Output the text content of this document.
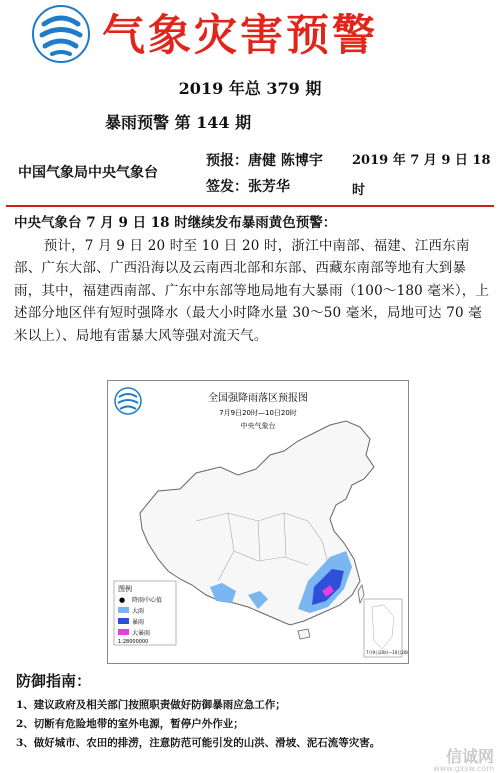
气象灾害预警
2019 年总 379 期
暴雨预警 第 144 期
中国气象局中央气象台
预报：唐健 陈博宇
签发：张芳华
2019 年 7 月 9 日 18 时
中央气象台 7 月 9 日 18 时继续发布暴雨黄色预警：
预计，7 月 9 日 20 时至 10 日 20 时，浙江中南部、福建、江西东南部、广东大部、广西沿海以及云南西北部和东部、西藏东南部等地有大到暴雨，其中，福建西南部、广东中东部等地局地有大暴雨（100～180 毫米），上述部分地区伴有短时强降水（最大小时降水量 30～50 毫米，局地可达 70 毫米以上）、局地有雷暴大风等强对流天气。
全国强降雨落区预报图
7月9日20时—10日20时
中央气象台
图例
● 降雨中心值
大雨
暴雨
大暴雨
1:28000000
7月9日20时—10日20时
防御指南：
1、建议政府及相关部门按照职责做好防御暴雨应急工作；
2、切断有危险地带的室外电源，暂停户外作业；
3、做好城市、农田的排涝，注意防范可能引发的山洪、滑坡、泥石流等灾害。
信诚网
www.gxsw.com
